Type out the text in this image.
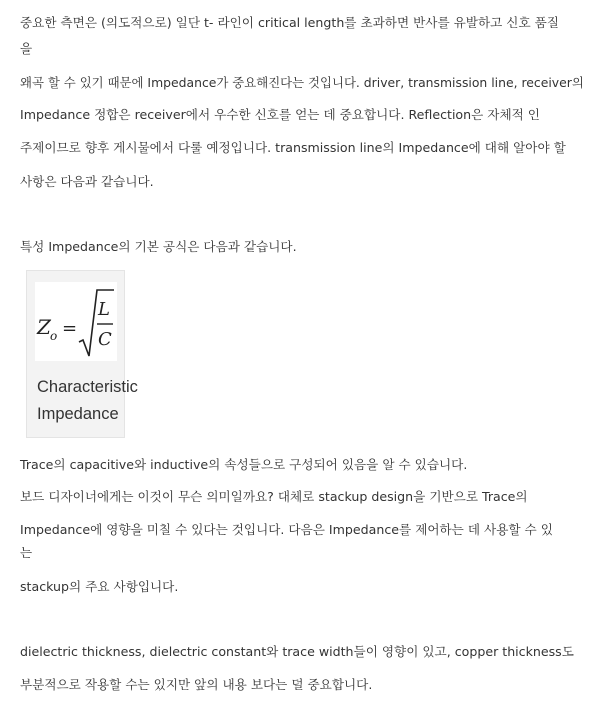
중요한 측면은 (의도적으로) 일단 t- 라인이 critical length를 초과하면 반사를 유발하고 신호 품질
을
왜곡 할 수 있기 때문에 Impedance가 중요해진다는 것입니다. driver, transmission line, receiver의
Impedance 정합은 receiver에서 우수한 신호를 얻는 데 중요합니다. Reflection은 자체적 인
주제이므로 향후 게시물에서 다룰 예정입니다. transmission line의 Impedance에 대해 알아야 할
사항은 다음과 같습니다.
특성 Impedance의 기본 공식은 다음과 같습니다.
Z o =
L
C
Characteristic
Impedance
Trace의 capacitive와 inductive의 속성들으로 구성되어 있음을 알 수 있습니다.
보드 디자이너에게는 이것이 무슨 의미일까요? 대체로 stackup design을 기반으로 Trace의
Impedance에 영향을 미칠 수 있다는 것입니다. 다음은 Impedance를 제어하는 데 사용할 수 있
는
stackup의 주요 사항입니다.
dielectric thickness, dielectric constant와 trace width들이 영향이 있고, copper thickness도
부분적으로 작용할 수는 있지만 앞의 내용 보다는 덜 중요합니다.
